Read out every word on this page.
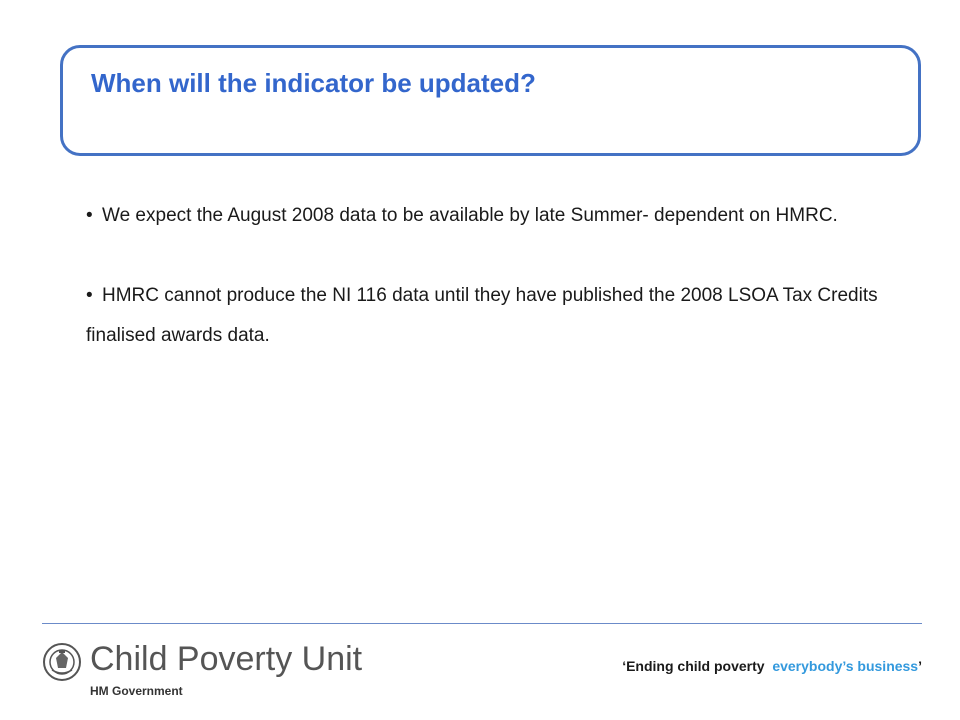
When will the indicator be updated?

• We expect the August 2008 data to be available by late Summer- dependent on HMRC.

• HMRC cannot produce the NI 116 data until they have published the 2008 LSOA Tax Credits finalised awards data.

Child Poverty Unit
HM Government
‘Ending child poverty everybody’s business’
